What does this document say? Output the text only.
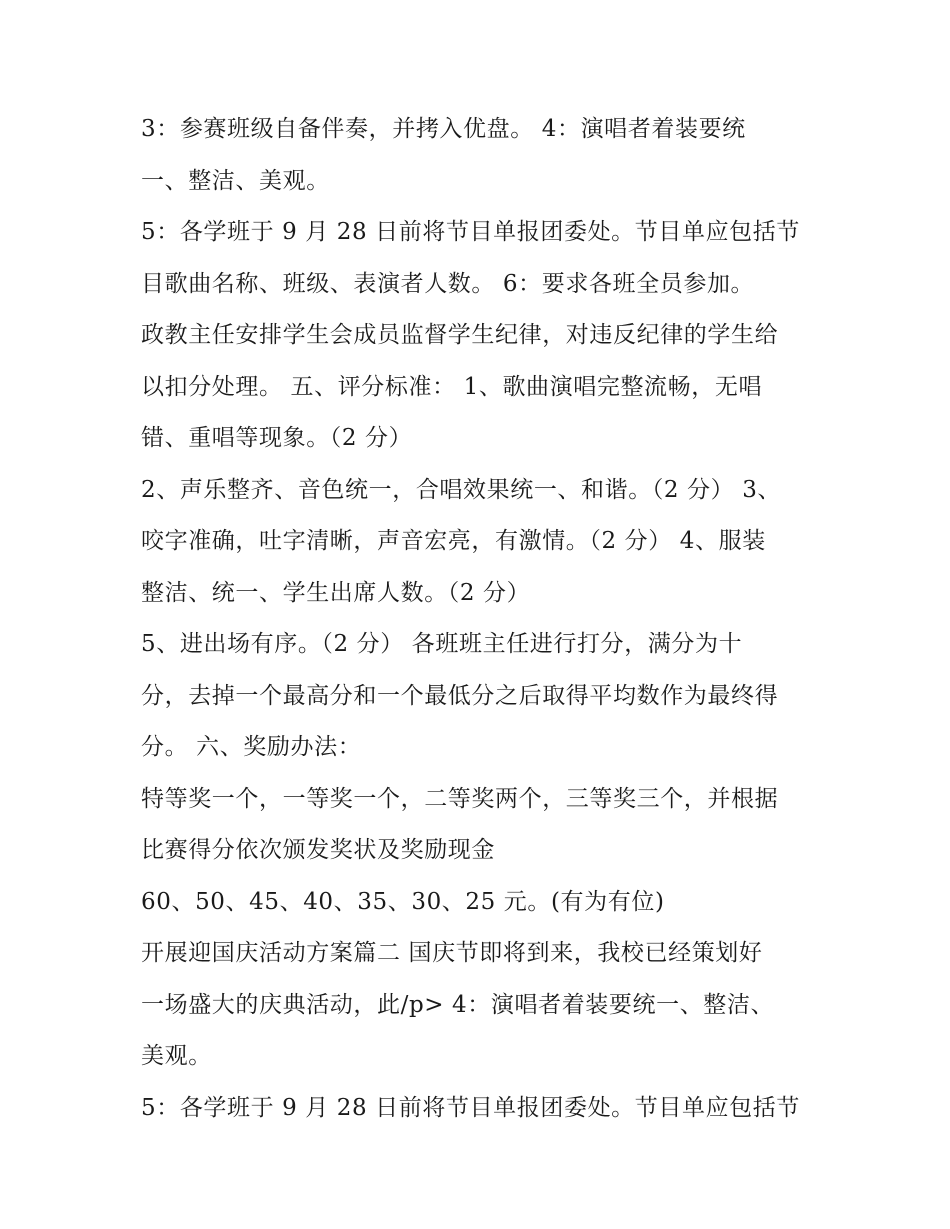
3：参赛班级自备伴奏，并拷入优盘。 4：演唱者着装要统
一、整洁、美观。
5：各学班于 9 月 28 日前将节目单报团委处。节目单应包括节
目歌曲名称、班级、表演者人数。 6：要求各班全员参加。
政教主任安排学生会成员监督学生纪律，对违反纪律的学生给
以扣分处理。 五、评分标准： 1、歌曲演唱完整流畅，无唱
错、重唱等现象。（2 分）
2、声乐整齐、音色统一，合唱效果统一、和谐。（2 分） 3、
咬字准确，吐字清晰，声音宏亮，有激情。（2 分） 4、服装
整洁、统一、学生出席人数。（2 分）
5、进出场有序。（2 分） 各班班主任进行打分，满分为十
分，去掉一个最高分和一个最低分之后取得平均数作为最终得
分。 六、奖励办法：
特等奖一个，一等奖一个，二等奖两个，三等奖三个，并根据
比赛得分依次颁发奖状及奖励现金
60、50、45、40、35、30、25 元。(有为有位)
开展迎国庆活动方案篇二 国庆节即将到来，我校已经策划好
一场盛大的庆典活动，此/p> 4：演唱者着装要统一、整洁、
美观。
5：各学班于 9 月 28 日前将节目单报团委处。节目单应包括节
